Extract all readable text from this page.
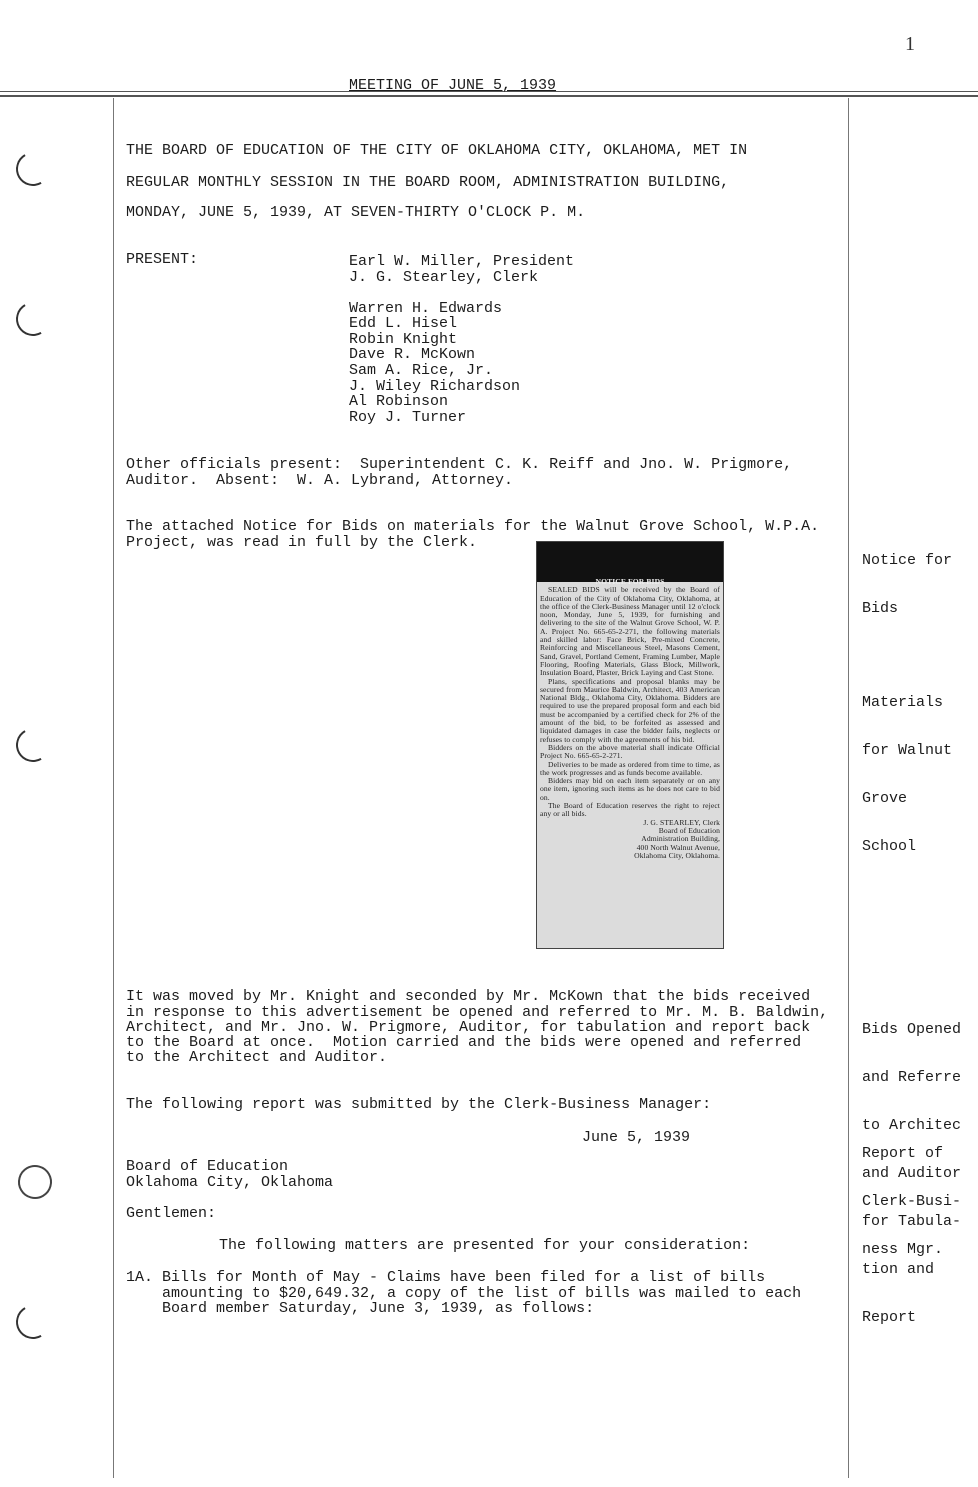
1
MEETING OF JUNE 5, 1939
THE BOARD OF EDUCATION OF THE CITY OF OKLAHOMA CITY, OKLAHOMA, MET IN
REGULAR MONTHLY SESSION IN THE BOARD ROOM, ADMINISTRATION BUILDING,
MONDAY, JUNE 5, 1939, AT SEVEN-THIRTY O'CLOCK P. M.
PRESENT:	Earl W. Miller, President
J. G. Stearley, Clerk
Warren H. Edwards
Edd L. Hisel
Robin Knight
Dave R. McKown
Sam A. Rice, Jr.
J. Wiley Richardson
Al Robinson
Roy J. Turner
Other officials present:  Superintendent C. K. Reiff and Jno. W. Prigmore,
Auditor.  Absent:  W. A. Lybrand, Attorney.
The attached Notice for Bids on materials for the Walnut Grove School, W.P.A.
Project, was read in full by the Clerk.

Notice for

Bids

Materials

for Walnut

Grove

School

NOTICE FOR BIDS

SEALED BIDS will be received by the Board of Education of the City of Oklahoma City, Oklahoma, at the office of the Clerk-Business Manager until 12 o'clock noon, Monday, June 5, 1939, for furnishing and delivering to the site of the Walnut Grove School, W. P. A. Project No. 665-65-2-271, the following materials and skilled labor: Face Brick, Pre-mixed Concrete, Reinforcing and Miscellaneous Steel, Masons Cement, Sand, Gravel, Portland Cement, Framing Lumber, Maple Flooring, Roofing Materials, Glass Block, Millwork, Insulation Board, Plaster, Brick Laying and Cast Stone.

Plans, specifications and proposal blanks may be secured from Maurice Baldwin, Architect, 403 American National Bldg., Oklahoma City, Oklahoma. Bidders are required to use the prepared proposal form and each bid must be accompanied by a certified check for 2% of the amount of the bid, to be forfeited as assessed and liquidated damages in case the bidder fails, neglects or refuses to comply with the agreements of his bid.

Bidders on the above material shall indicate Official Project No. 665-65-2-271.

Deliveries to be made as ordered from time to time, as the work progresses and as funds become available.

Bidders may bid on each item separately or on any one item, ignoring such items as he does not care to bid on.

The Board of Education reserves the right to reject any or all bids.

J. G. STEARLEY, Clerk

Board of Education

Administration Building,

400 North Walnut Avenue,

Oklahoma City, Oklahoma.

It was moved by Mr. Knight and seconded by Mr. McKown that the bids received
in response to this advertisement be opened and referred to Mr. M. B. Baldwin,
Architect, and Mr. Jno. W. Prigmore, Auditor, for tabulation and report back
to the Board at once.  Motion carried and the bids were opened and referred
to the Architect and Auditor.

Bids Opened

and Referre

to Architec

and Auditor

for Tabula-

tion and

Report

The following report was submitted by the Clerk-Business Manager:

Report of

Clerk-Busi-

ness Mgr.

June 5, 1939
Board of Education
Oklahoma City, Oklahoma
Gentlemen:
The following matters are presented for your consideration:
1A. Bills for Month of May - Claims have been filed for a list of bills
amounting to $20,649.32, a copy of the list of bills was mailed to each
Board member Saturday, June 3, 1939, as follows:
